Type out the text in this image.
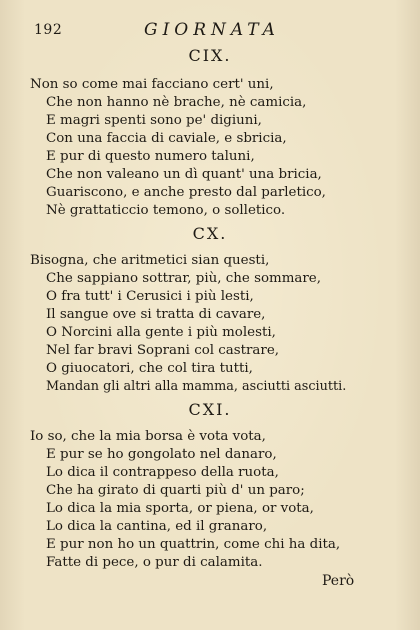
192	GIORNATA
CIX.
Non so come mai facciano cert' uni,
Che non hanno nè brache, nè camicia,
E magri spenti sono pe' digiuni,
Con una faccia di caviale, e sbricia,
E pur di questo numero taluni,
Che non valeano un dì quant' una bricia,
Guariscono, e anche presto dal parletico,
Nè grattaticcio temono, o solletico.
CX.
Bisogna, che aritmetici sian questi,
Che sappiano sottrar, più, che sommare,
O fra tutt' i Cerusici i più lesti,
Il sangue ove si tratta di cavare,
O Norcini alla gente i più molesti,
Nel far bravi Soprani col castrare,
O giuocatori, che col tira tutti,
Mandan gli altri alla mamma, asciutti asciutti.
CXI.
Io so, che la mia borsa è vota vota,
E pur se ho gongolato nel danaro,
Lo dica il contrappeso della ruota,
Che ha girato di quarti più d' un paro;
Lo dica la mia sporta, or piena, or vota,
Lo dica la cantina, ed il granaro,
E pur non ho un quattrin, come chi ha dita,
Fatte di pece, o pur di calamita.
Però
